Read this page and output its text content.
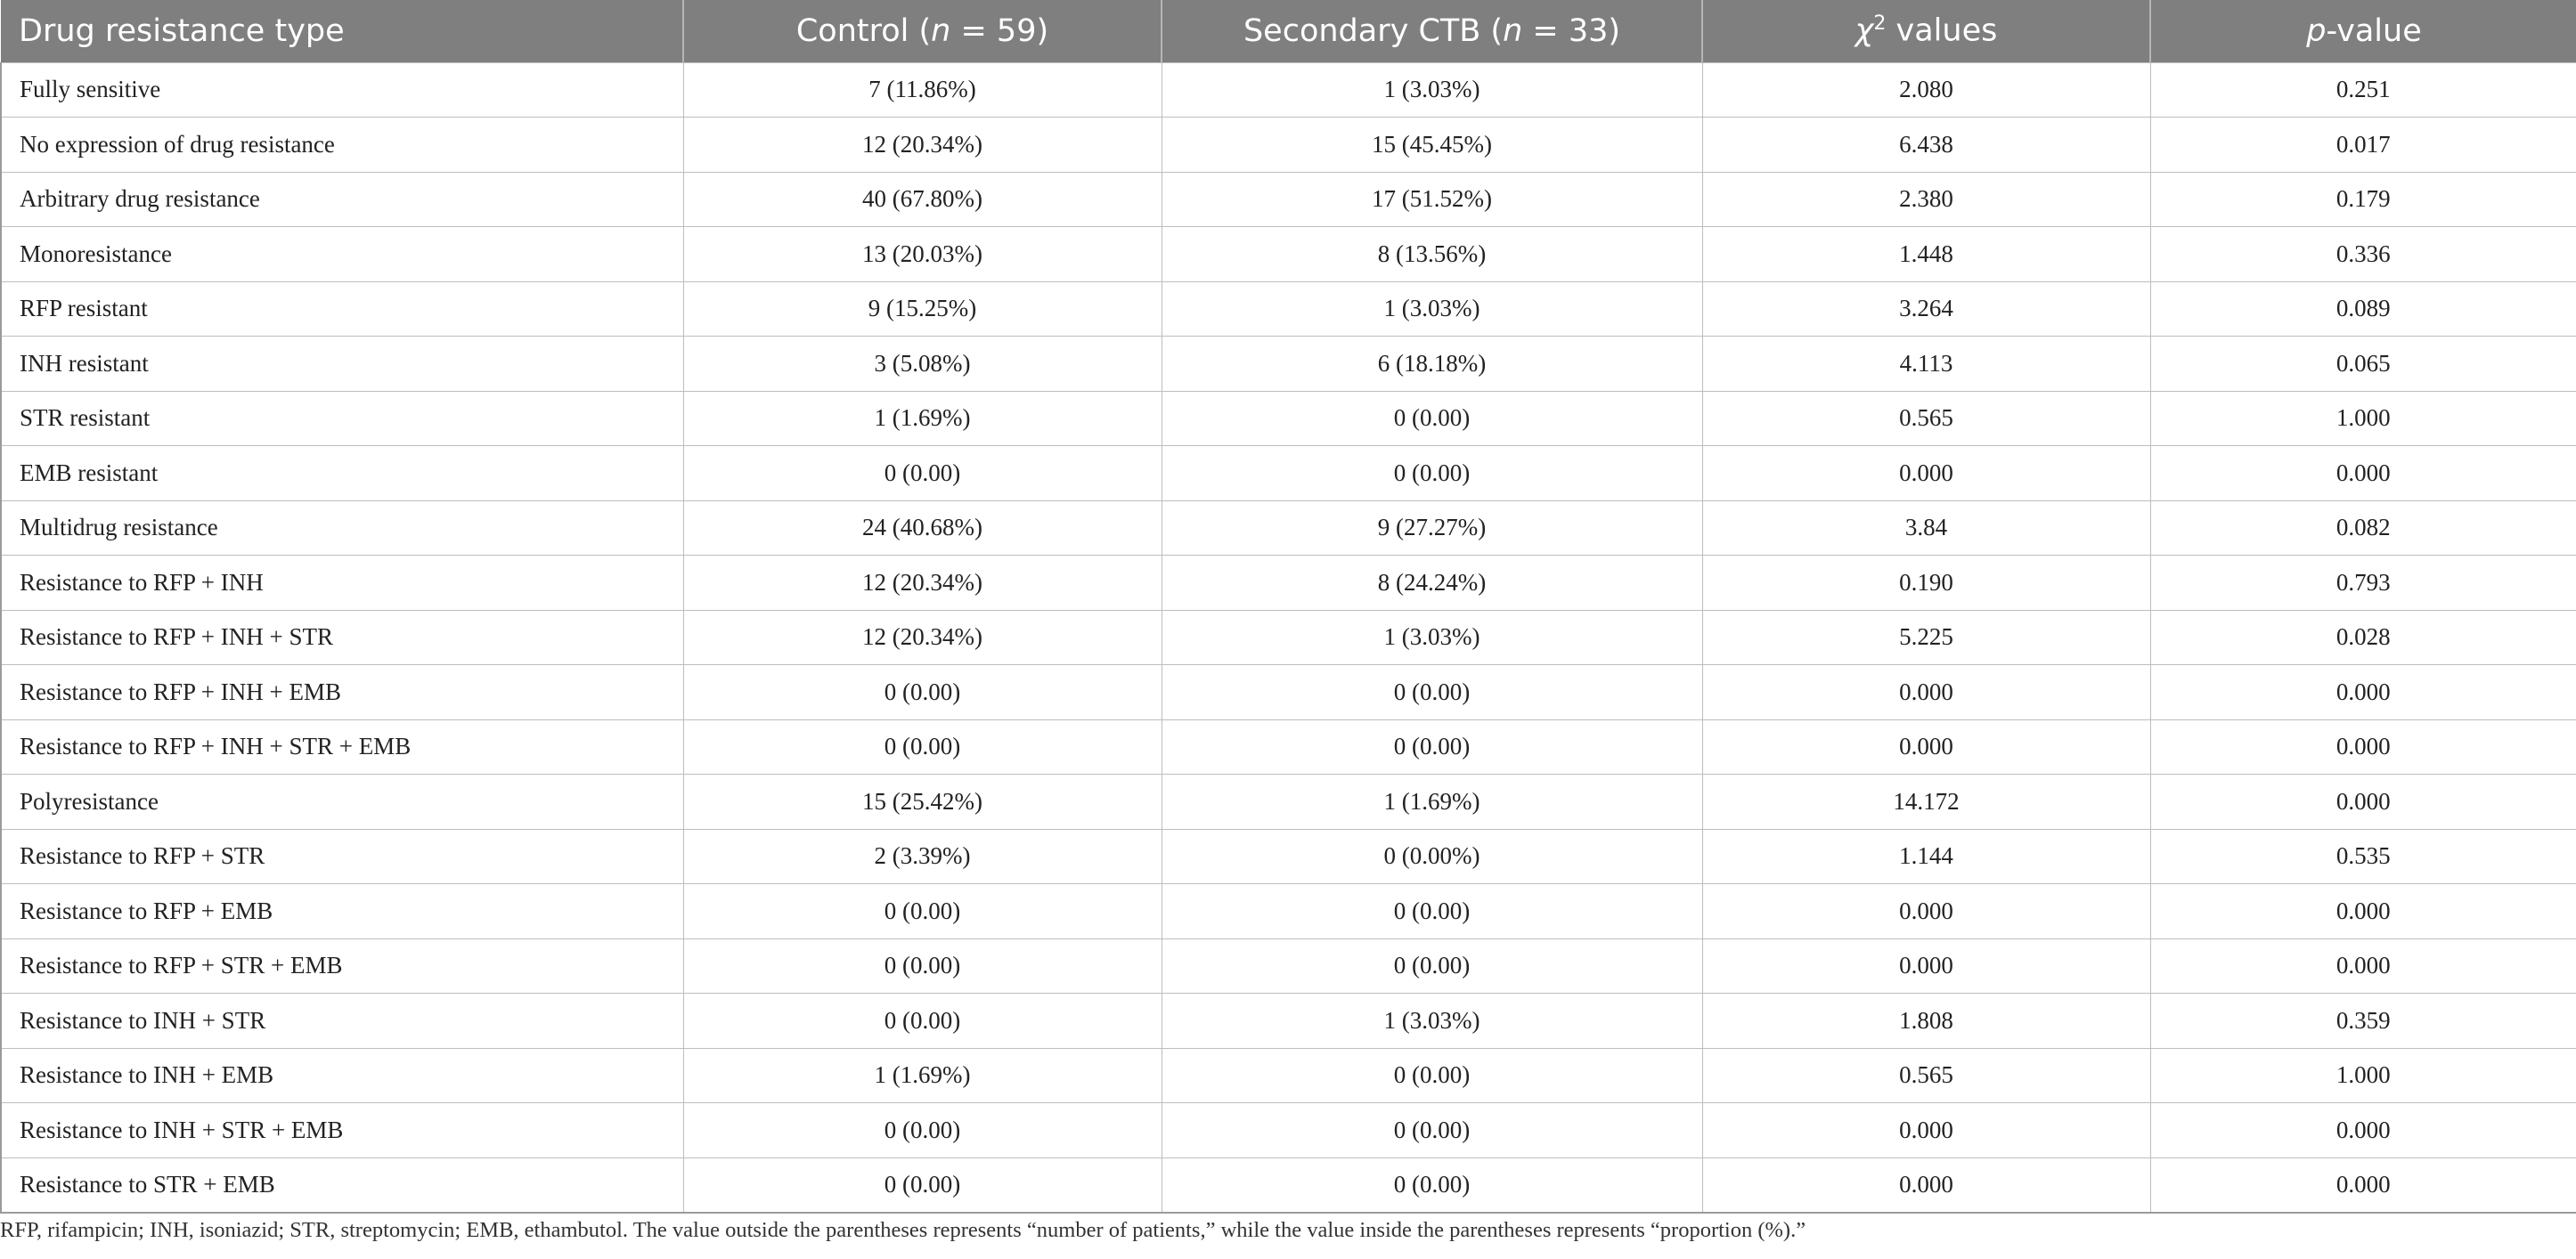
Drug resistance type	Control (n = 59)	Secondary CTB (n = 33)	$\chi^2$ values	p-value
Fully sensitive	7 (11.86%)	1 (3.03%)	2.080	0.251
No expression of drug resistance	12 (20.34%)	15 (45.45%)	6.438	0.017
Arbitrary drug resistance	40 (67.80%)	17 (51.52%)	2.380	0.179
Monoresistance	13 (20.03%)	8 (13.56%)	1.448	0.336
RFP resistant	9 (15.25%)	1 (3.03%)	3.264	0.089
INH resistant	3 (5.08%)	6 (18.18%)	4.113	0.065
STR resistant	1 (1.69%)	0 (0.00)	0.565	1.000
EMB resistant	0 (0.00)	0 (0.00)	0.000	0.000
Multidrug resistance	24 (40.68%)	9 (27.27%)	3.84	0.082
Resistance to RFP + INH	12 (20.34%)	8 (24.24%)	0.190	0.793
Resistance to RFP + INH + STR	12 (20.34%)	1 (3.03%)	5.225	0.028
Resistance to RFP + INH + EMB	0 (0.00)	0 (0.00)	0.000	0.000
Resistance to RFP + INH + STR + EMB	0 (0.00)	0 (0.00)	0.000	0.000
Polyresistance	15 (25.42%)	1 (1.69%)	14.172	0.000
Resistance to RFP + STR	2 (3.39%)	0 (0.00%)	1.144	0.535
Resistance to RFP + EMB	0 (0.00)	0 (0.00)	0.000	0.000
Resistance to RFP + STR + EMB	0 (0.00)	0 (0.00)	0.000	0.000
Resistance to INH + STR	0 (0.00)	1 (3.03%)	1.808	0.359
Resistance to INH + EMB	1 (1.69%)	0 (0.00)	0.565	1.000
Resistance to INH + STR + EMB	0 (0.00)	0 (0.00)	0.000	0.000
Resistance to STR + EMB	0 (0.00)	0 (0.00)	0.000	0.000
RFP, rifampicin; INH, isoniazid; STR, streptomycin; EMB, ethambutol. The value outside the parentheses represents “number of patients,” while the value inside the parentheses represents “proportion (%).”
